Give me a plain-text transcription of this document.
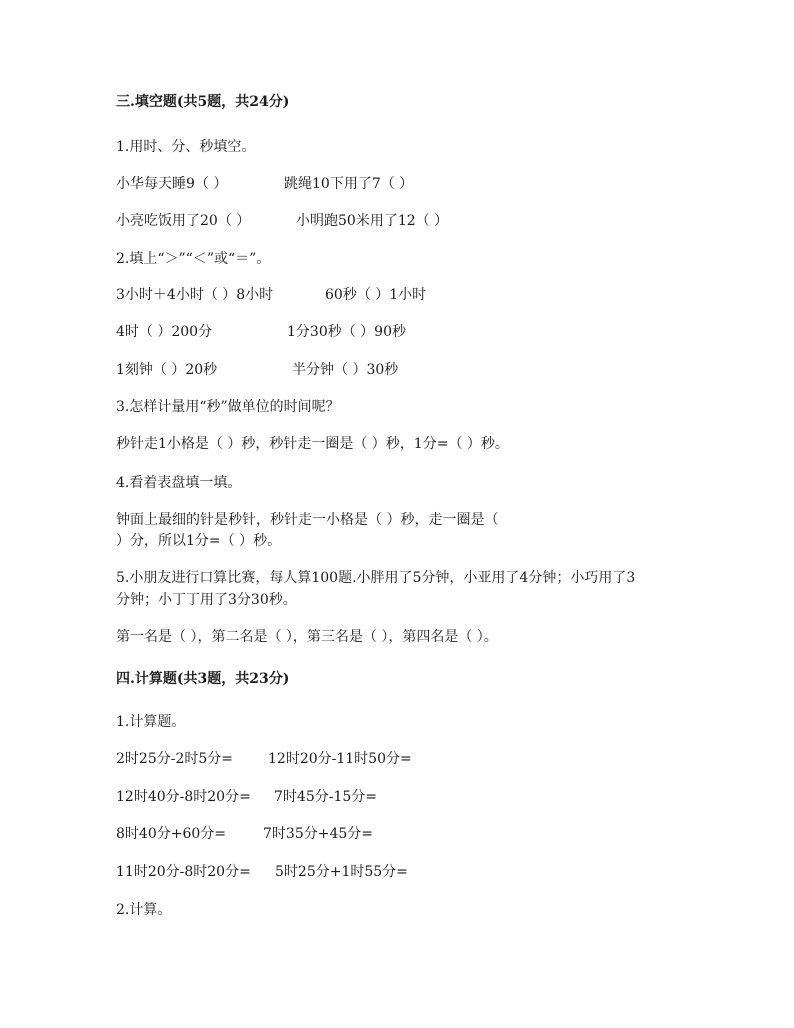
三.填空题(共5题，共24分)
1.用时、分、秒填空。
小华每天睡9（ ）	跳绳10下用了7（ ）
小亮吃饭用了20（ ）	小明跑50米用了12（ ）
2.填上“＞”“＜”或“＝”。
3小时＋4小时（ ）8小时	60秒（ ）1小时
4时（ ）200分	1分30秒（ ）90秒
1刻钟（ ）20秒	半分钟（ ）30秒
3.怎样计量用“秒”做单位的时间呢？
秒针走1小格是（ ）秒，秒针走一圈是（ ）秒，1分=（ ）秒。
4.看着表盘填一填。
钟面上最细的针是秒针，秒针走一小格是（ ）秒，走一圈是（
）分，所以1分=（ ）秒。
5.小朋友进行口算比赛，每人算100题.小胖用了5分钟，小亚用了4分钟；小巧用了3
分钟；小丁丁用了3分30秒。
第一名是（ ），第二名是（ ），第三名是（ ），第四名是（ ）。
四.计算题(共3题，共23分)
1.计算题。
2时25分-2时5分=	12时20分-11时50分=
12时40分-8时20分= 7时45分-15分=
8时40分+60分=	7时35分+45分=
11时20分-8时20分= 5时25分+1时55分=
2.计算。
